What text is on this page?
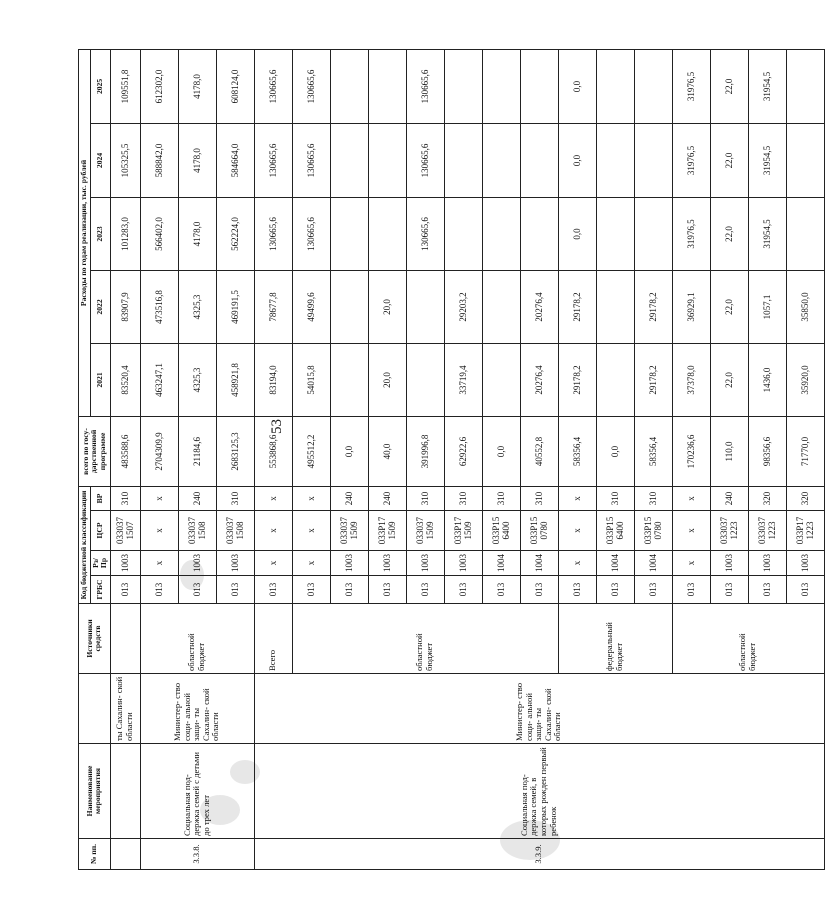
53
№ пп.	Наименование мероприятия		Источники средств	Код бюджетной классификации				всего по госу- дарственной программе	Расходы по годам реализации, тыс. рублей				
				ГРБС	Рз/ Пр	ЦСР	ВР		2021	2022	2023	2024	2025
		ты Сахалин- ской области		013	1003	033037 1507	310	483588,6	83520,4	83907,9	101283,0	105325,5	109551,8
3.3.8.	Социальная под- держка семей с детьми до трех лет	Министер- ство соци- альной защи- ты Сахалин- ской области	областной бюджет	013	х	х	х	2704309,9	463247,1	473516,8	566402,0	588842,0	612302,0
				013	1003	033037 1508	240	21184,6	4325,3	4325,3	4178,0	4178,0	4178,0
				013	1003	033037 1508	310	2683125,3	458921,8	469191,5	562224,0	584664,0	608124,0
3.3.9.	Социальная под- держка семей, в которых рожден первый ребенок	Министер- ство соци- альной защи- ты Сахалин- ской области	Всего	013	х	х	х	553868,6	83194,0	78677,8	130665,6	130665,6	130665,6
			областной бюджет	013	х	х	х	495512,2	54015,8	49499,6	130665,6	130665,6	130665,6
				013	1003	033037 1509	240	0,0					
				013	1003	033P17 1509	240	40,0	20,0	20,0			
				013	1003	033037 1509	310	391996,8			130665,6	130665,6	130665,6
				013	1003	033P17 1509	310	62922,6	33719,4	29203,2			
				013	1004	033P15 6400	310	0,0					
				013	1004	033P15 0780	310	40552,8	20276,4	20276,4			
			федеральный бюджет	013	х	х	х	58356,4	29178,2	29178,2	0,0	0,0	0,0
				013	1004	033P15 6400	310	0,0					
				013	1004	033P15 0780	310	58356,4	29178,2	29178,2			
			областной бюджет	013	х	х	х	170236,6	37378,0	36929,1	31976,5	31976,5	31976,5
				013	1003	033037 1223	240	110,0	22,0	22,0	22,0	22,0	22,0
				013	1003	033037 1223	320	98356,6	1436,0	1057,1	31954,5	31954,5	31954,5
				013	1003	033P17 1223	320	71770,0	35920,0	35850,0			
